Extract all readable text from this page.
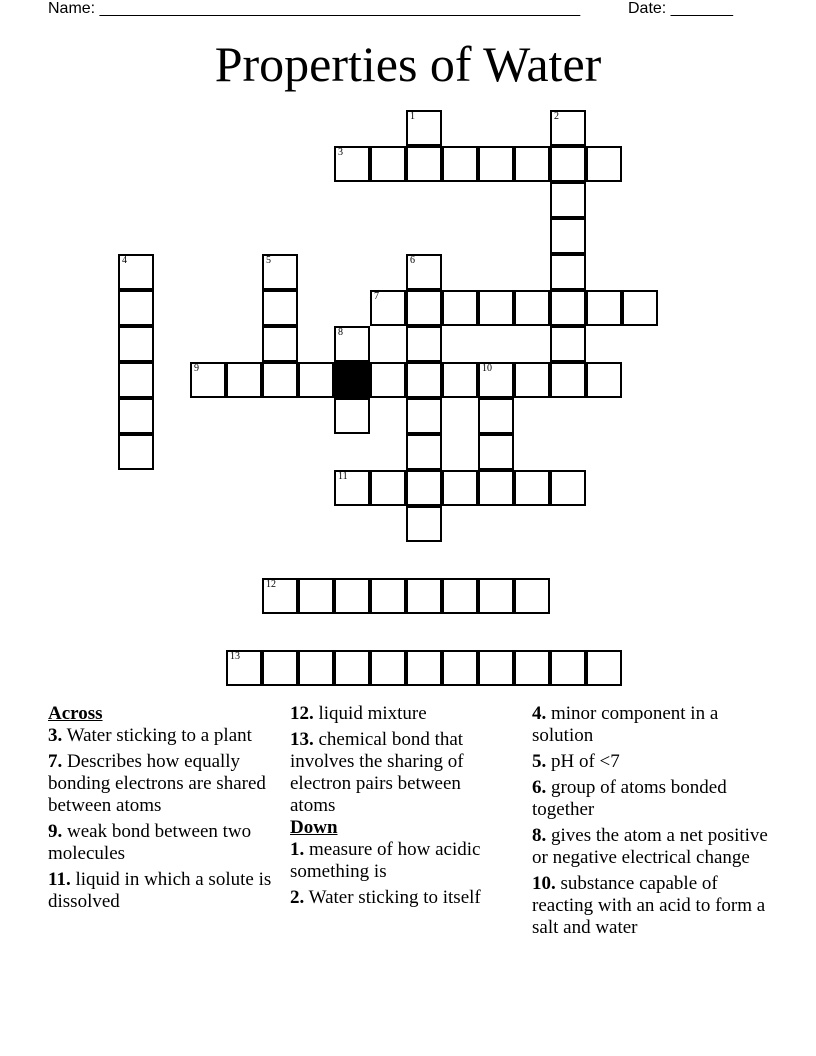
Name: ______________________________________________________	Date: _______
Properties of Water
1	2
3
4	5	6
7
8
9	10
11
12
13

Across

3. Water sticking to a plant

7. Describes how equally bonding electrons are shared between atoms

9. weak bond between two molecules

11. liquid in which a solute is dissolved

12. liquid mixture

13. chemical bond that involves the sharing of electron pairs between atoms

Down

1. measure of how acidic something is

2. Water sticking to itself

4. minor component in a solution

5. pH of <7

6. group of atoms bonded together

8. gives the atom a net positive or negative electrical change

10. substance capable of reacting with an acid to form a salt and water
